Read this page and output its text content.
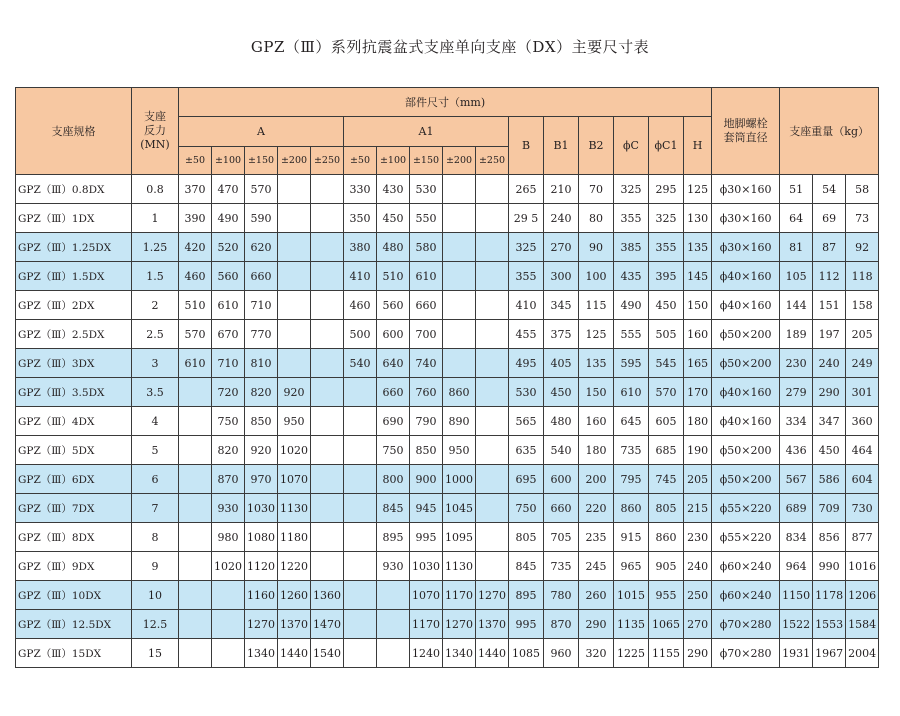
GPZ（Ⅲ）系列抗震盆式支座单向支座（DX）主要尺寸表
支座规格	支座
反力
(MN)	部件尺寸（mm)																地脚螺栓
套筒直径	支座重量（kg）		
		A					A1					B	B1	B2	ϕC	ϕC1	H				
		±50	±100	±150	±200	±250	±50	±100	±150	±200	±250										
GPZ（Ⅲ）0.8DX	0.8	370	470	570			330	430	530			265	210	70	325	295	125	ϕ30×160	51	54	58
GPZ（Ⅲ）1DX	1	390	490	590			350	450	550			29 5	240	80	355	325	130	ϕ30×160	64	69	73
GPZ（Ⅲ）1.25DX	1.25	420	520	620			380	480	580			325	270	90	385	355	135	ϕ30×160	81	87	92
GPZ（Ⅲ）1.5DX	1.5	460	560	660			410	510	610			355	300	100	435	395	145	ϕ40×160	105	112	118
GPZ（Ⅲ）2DX	2	510	610	710			460	560	660			410	345	115	490	450	150	ϕ40×160	144	151	158
GPZ（Ⅲ）2.5DX	2.5	570	670	770			500	600	700			455	375	125	555	505	160	ϕ50×200	189	197	205
GPZ（Ⅲ）3DX	3	610	710	810			540	640	740			495	405	135	595	545	165	ϕ50×200	230	240	249
GPZ（Ⅲ）3.5DX	3.5		720	820	920			660	760	860		530	450	150	610	570	170	ϕ40×160	279	290	301
GPZ（Ⅲ）4DX	4		750	850	950			690	790	890		565	480	160	645	605	180	ϕ40×160	334	347	360
GPZ（Ⅲ）5DX	5		820	920	1020			750	850	950		635	540	180	735	685	190	ϕ50×200	436	450	464
GPZ（Ⅲ）6DX	6		870	970	1070			800	900	1000		695	600	200	795	745	205	ϕ50×200	567	586	604
GPZ（Ⅲ）7DX	7		930	1030	1130			845	945	1045		750	660	220	860	805	215	ϕ55×220	689	709	730
GPZ（Ⅲ）8DX	8		980	1080	1180			895	995	1095		805	705	235	915	860	230	ϕ55×220	834	856	877
GPZ（Ⅲ）9DX	9		1020	1120	1220			930	1030	1130		845	735	245	965	905	240	ϕ60×240	964	990	1016
GPZ（Ⅲ）10DX	10			1160	1260	1360			1070	1170	1270	895	780	260	1015	955	250	ϕ60×240	1150	1178	1206
GPZ（Ⅲ）12.5DX	12.5			1270	1370	1470			1170	1270	1370	995	870	290	1135	1065	270	ϕ70×280	1522	1553	1584
GPZ（Ⅲ）15DX	15			1340	1440	1540			1240	1340	1440	1085	960	320	1225	1155	290	ϕ70×280	1931	1967	2004
